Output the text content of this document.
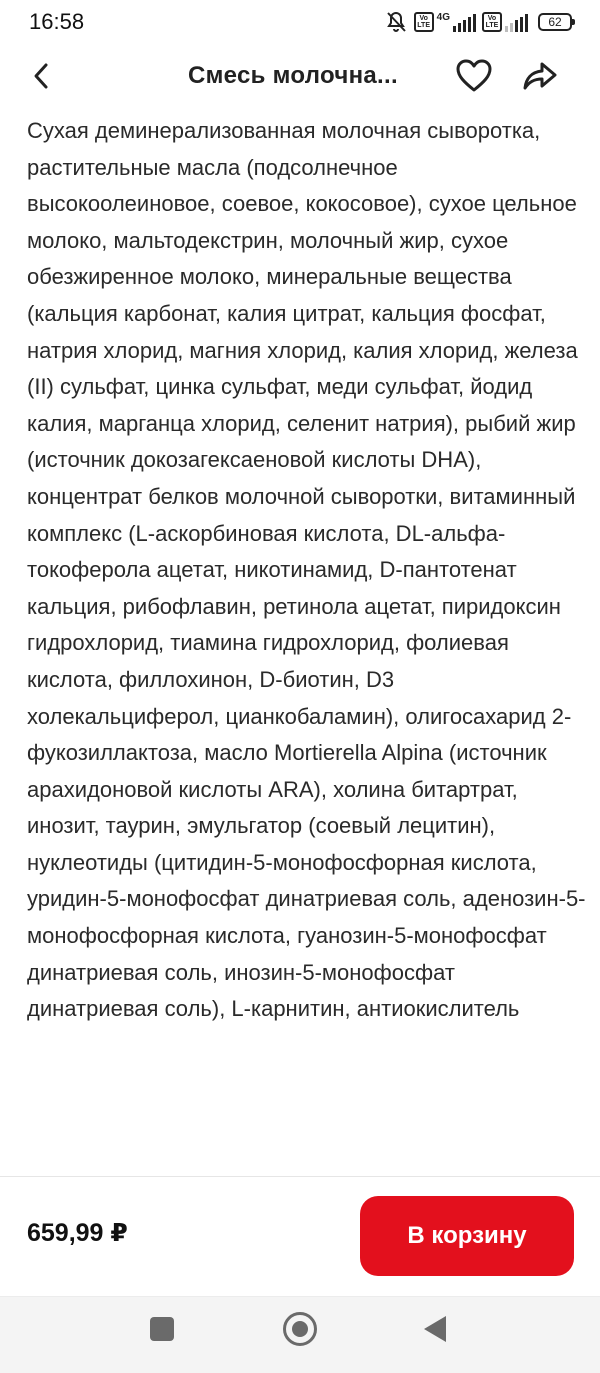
16:58	Vo LTE
4G	Vo LTE	62
Смесь молочна...
Сухая деминерализованная молочная сыворотка, растительные масла (подсолнечное высокоолеиновое, соевое, кокосовое), сухое цельное молоко, мальтодекстрин, молочный жир, сухое обезжиренное молоко, минеральные вещества (кальция карбонат, калия цитрат, кальция фосфат, натрия хлорид, магния хлорид, калия хлорид, железа (II) сульфат, цинка сульфат, меди сульфат, йодид калия, марганца хлорид, селенит натрия), рыбий жир (источник докозагексаеновой кислоты DHA), концентрат белков молочной сыворотки, витаминный комплекс (L-аскорбиновая кислота, DL-альфа-токоферола ацетат, никотинамид, D-пантотенат кальция, рибофлавин, ретинола ацетат, пиридоксин гидрохлорид, тиамина гидрохлорид, фолиевая кислота, филлохинон, D-биотин, D3 холекальциферол, цианкобаламин), олигосахарид 2-фукозиллактоза, масло Mortierella Alpina (источник арахидоновой кислоты ARA), холина битартрат, инозит, таурин, эмульгатор (соевый лецитин), нуклеотиды (цитидин-5-монофосфорная кислота, уридин-5-монофосфат динатриевая соль, аденозин-5-монофосфорная кислота, гуанозин-5-монофосфат динатриевая соль, инозин-5-монофосфат динатриевая соль), L-карнитин, антиокислитель
659,99 ₽	В корзину
